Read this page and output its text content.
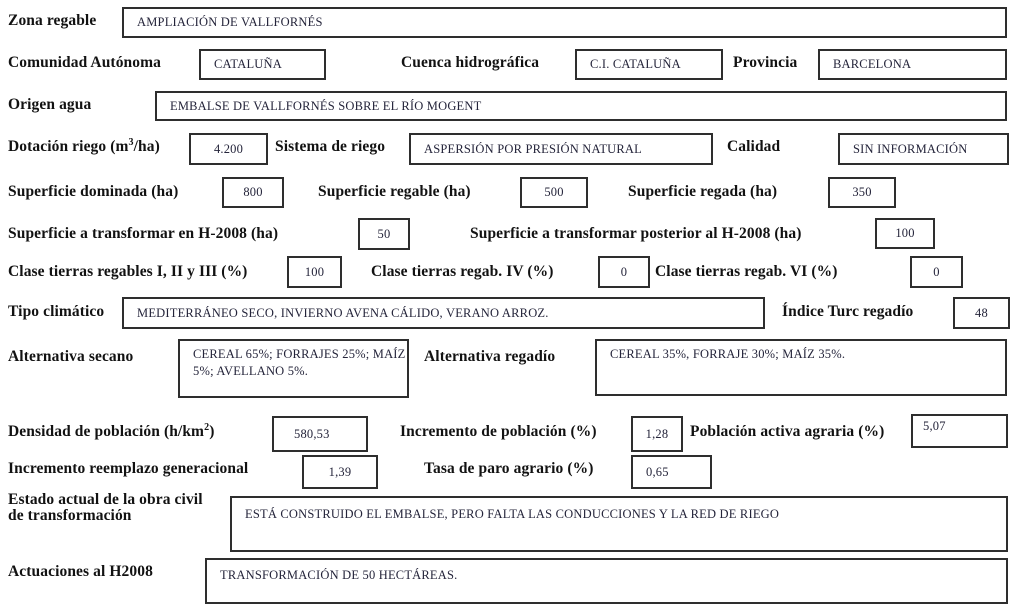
Zona regable	AMPLIACIÓN DE VALLFORNÉS
Comunidad Autónoma	CATALUÑA	Cuenca hidrográfica	C.I. CATALUÑA	Provincia	BARCELONA
Origen agua	EMBALSE DE VALLFORNÉS SOBRE EL RÍO MOGENT
Dotación riego $(m^3/ha)$	4.200 Sistema de riego	ASPERSIÓN POR PRESIÓN NATURAL	Calidad	SIN INFORMACIÓN
Superficie dominada (ha)	800	Superficie regable (ha)	500	Superficie regada (ha)	350
Superficie a transformar en H-2008 (ha)	50	Superficie a transformar posterior al H-2008 (ha)	100
Clase tierras regables I, II y III (%)	100	Clase tierras regab. IV (%)	0 Clase tierras regab. VI (%)	0
Tipo climático	MEDITERRÁNEO SECO, INVIERNO AVENA CÁLIDO, VERANO ARROZ.	Índice Turc regadío	48
Alternativa secano	CEREAL 65%; FORRAJES 25%; MAÍZ 5%; AVELLANO 5%.
Alternativa regadío	CEREAL 35%, FORRAJE 30%; MAÍZ 35%.
Densidad de población $(h/km^2)$	580,53	Incremento de población (%)	1,28 Población activa agraria (%)	5,07
Incremento reemplazo generacional	1,39	Tasa de paro agrario (%)	0,65
Estado actual de la obra civil
de transformación	ESTÁ CONSTRUIDO EL EMBALSE, PERO FALTA LAS CONDUCCIONES Y LA RED DE RIEGO
Actuaciones al H2008	TRANSFORMACIÓN DE 50 HECTÁREAS.
